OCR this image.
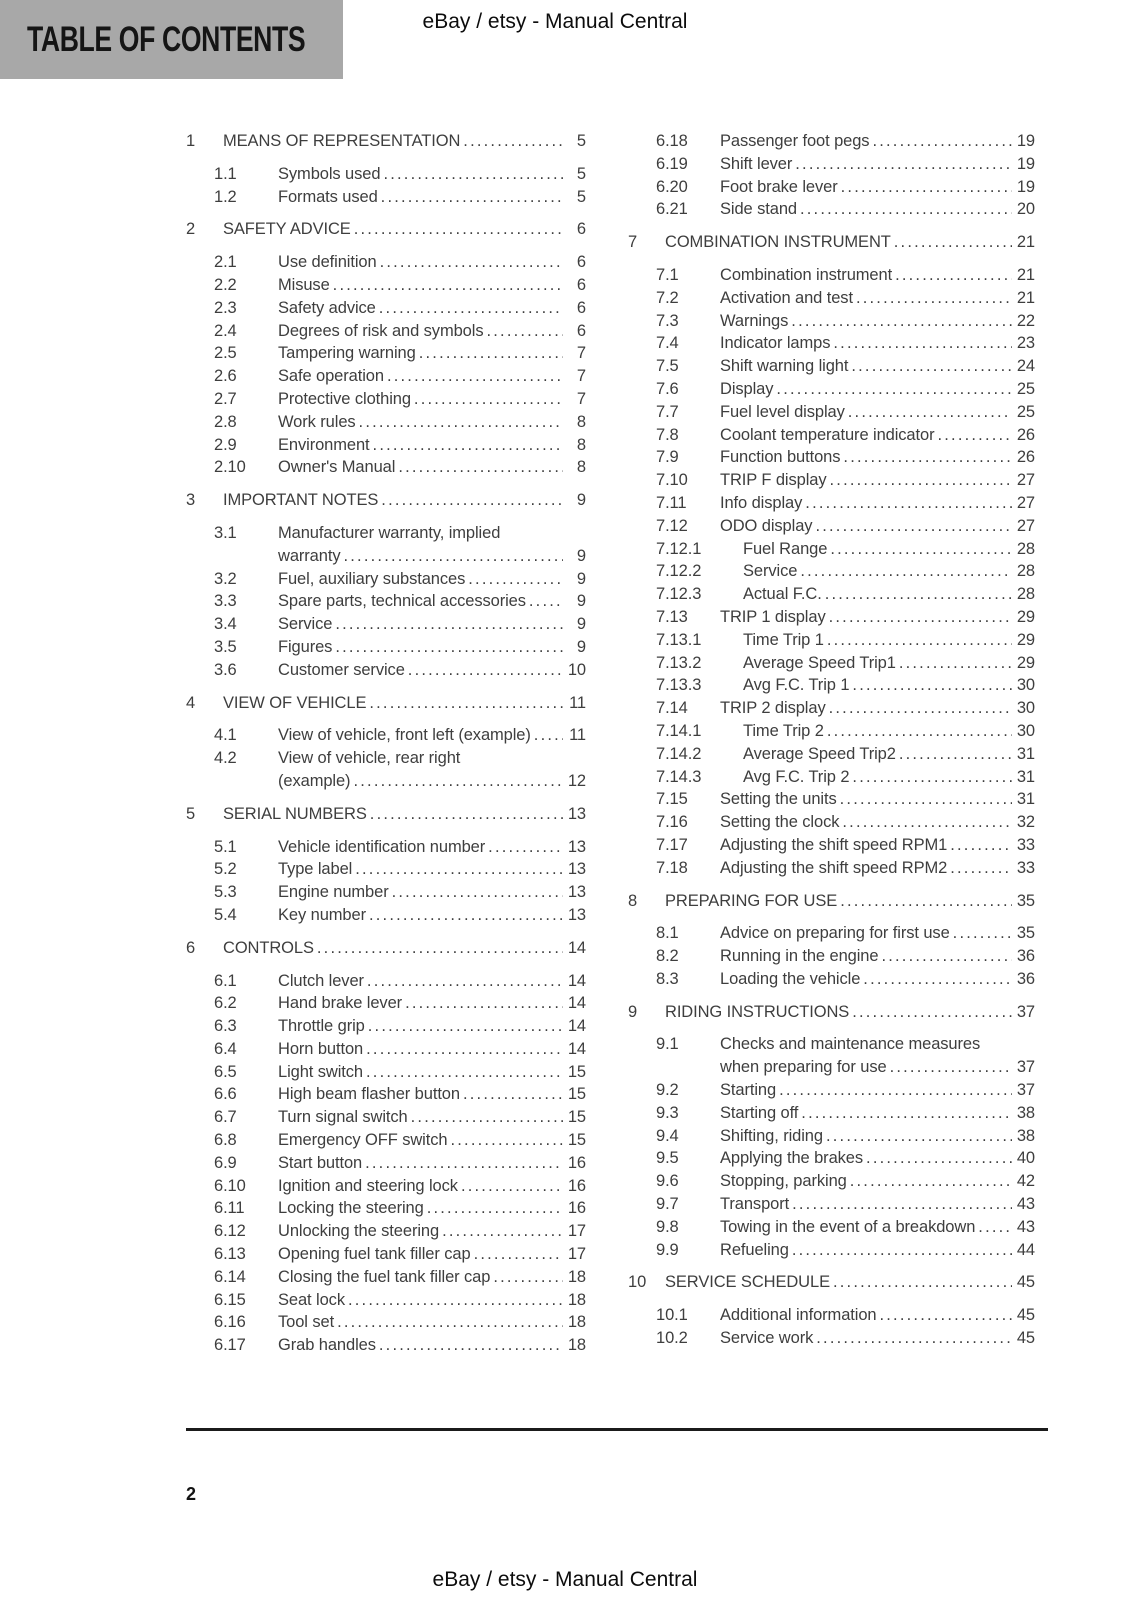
TABLE OF CONTENTS	eBay / etsy - Manual Central
1	MEANS OF REPRESENTATION .....	5
1.1	Symbols used .....	5
1.2	Formats used .....	5
2	SAFETY ADVICE .....	6
2.1	Use definition .....	6
2.2	Misuse .....	6
2.3	Safety advice .....	6
2.4	Degrees of risk and symbols .....	6
2.5	Tampering warning .....	7
2.6	Safe operation .....	7
2.7	Protective clothing .....	7
2.8	Work rules .....	8
2.9	Environment .....	8
2.10	Owner's Manual .....	8
3	IMPORTANT NOTES .....	9
3.1	Manufacturer warranty, implied
warranty .....	9
3.2	Fuel, auxiliary substances .....	9
3.3	Spare parts, technical accessories .....	9
3.4	Service .....	9
3.5	Figures .....	9
3.6	Customer service .....	10
4	VIEW OF VEHICLE .....	11
4.1	View of vehicle, front left (example) ..... 11
4.2	View of vehicle, rear right
(example) .....	12
5	SERIAL NUMBERS .....	13
5.1	Vehicle identification number .....	13
5.2	Type label .....	13
5.3	Engine number .....	13
5.4	Key number .....	13
6	CONTROLS .....	14
6.1	Clutch lever .....	14
6.2	Hand brake lever .....	14
6.3	Throttle grip .....	14
6.4	Horn button .....	14
6.5	Light switch .....	15
6.6	High beam flasher button .....	15
6.7	Turn signal switch .....	15
6.8	Emergency OFF switch .....	15
6.9	Start button .....	16
6.10	Ignition and steering lock .....	16
6.11	Locking the steering .....	16
6.12	Unlocking the steering .....	17
6.13	Opening fuel tank filler cap .....	17
6.14	Closing the fuel tank filler cap .....	18
6.15	Seat lock .....	18
6.16	Tool set .....	18
6.17	Grab handles .....	18
6.18	Passenger foot pegs .....	19
6.19	Shift lever .....	19
6.20	Foot brake lever .....	19
6.21	Side stand .....	20
7	COMBINATION INSTRUMENT .....	21
7.1	Combination instrument .....	21
7.2	Activation and test .....	21
7.3	Warnings .....	22
7.4	Indicator lamps .....	23
7.5	Shift warning light .....	24
7.6	Display .....	25
7.7	Fuel level display .....	25
7.8	Coolant temperature indicator .....	26
7.9	Function buttons .....	26
7.10	TRIP F display .....	27
7.11	Info display .....	27
7.12	ODO display .....	27
7.12.1	Fuel Range .....	28
7.12.2	Service .....	28
7.12.3	Actual F.C. .....	28
7.13	TRIP 1 display .....	29
7.13.1	Time Trip 1 .....	29
7.13.2	Average Speed Trip1 .....	29
7.13.3	Avg F.C. Trip 1 .....	30
7.14	TRIP 2 display .....	30
7.14.1	Time Trip 2 .....	30
7.14.2	Average Speed Trip2 .....	31
7.14.3	Avg F.C. Trip 2 .....	31
7.15	Setting the units .....	31
7.16	Setting the clock .....	32
7.17	Adjusting the shift speed RPM1 .....	33
7.18	Adjusting the shift speed RPM2 .....	33
8	PREPARING FOR USE .....	35
8.1	Advice on preparing for first use .....	35
8.2	Running in the engine .....	36
8.3	Loading the vehicle .....	36
9	RIDING INSTRUCTIONS .....	37
9.1	Checks and maintenance measures
when preparing for use .....	37
9.2	Starting .....	37
9.3	Starting off .....	38
9.4	Shifting, riding .....	38
9.5	Applying the brakes .....	40
9.6	Stopping, parking .....	42
9.7	Transport .....	43
9.8	Towing in the event of a breakdown .....	43
9.9	Refueling .....	44
10	SERVICE SCHEDULE .....	45
10.1	Additional information .....	45
10.2	Service work .....	45
2
eBay / etsy - Manual Central
